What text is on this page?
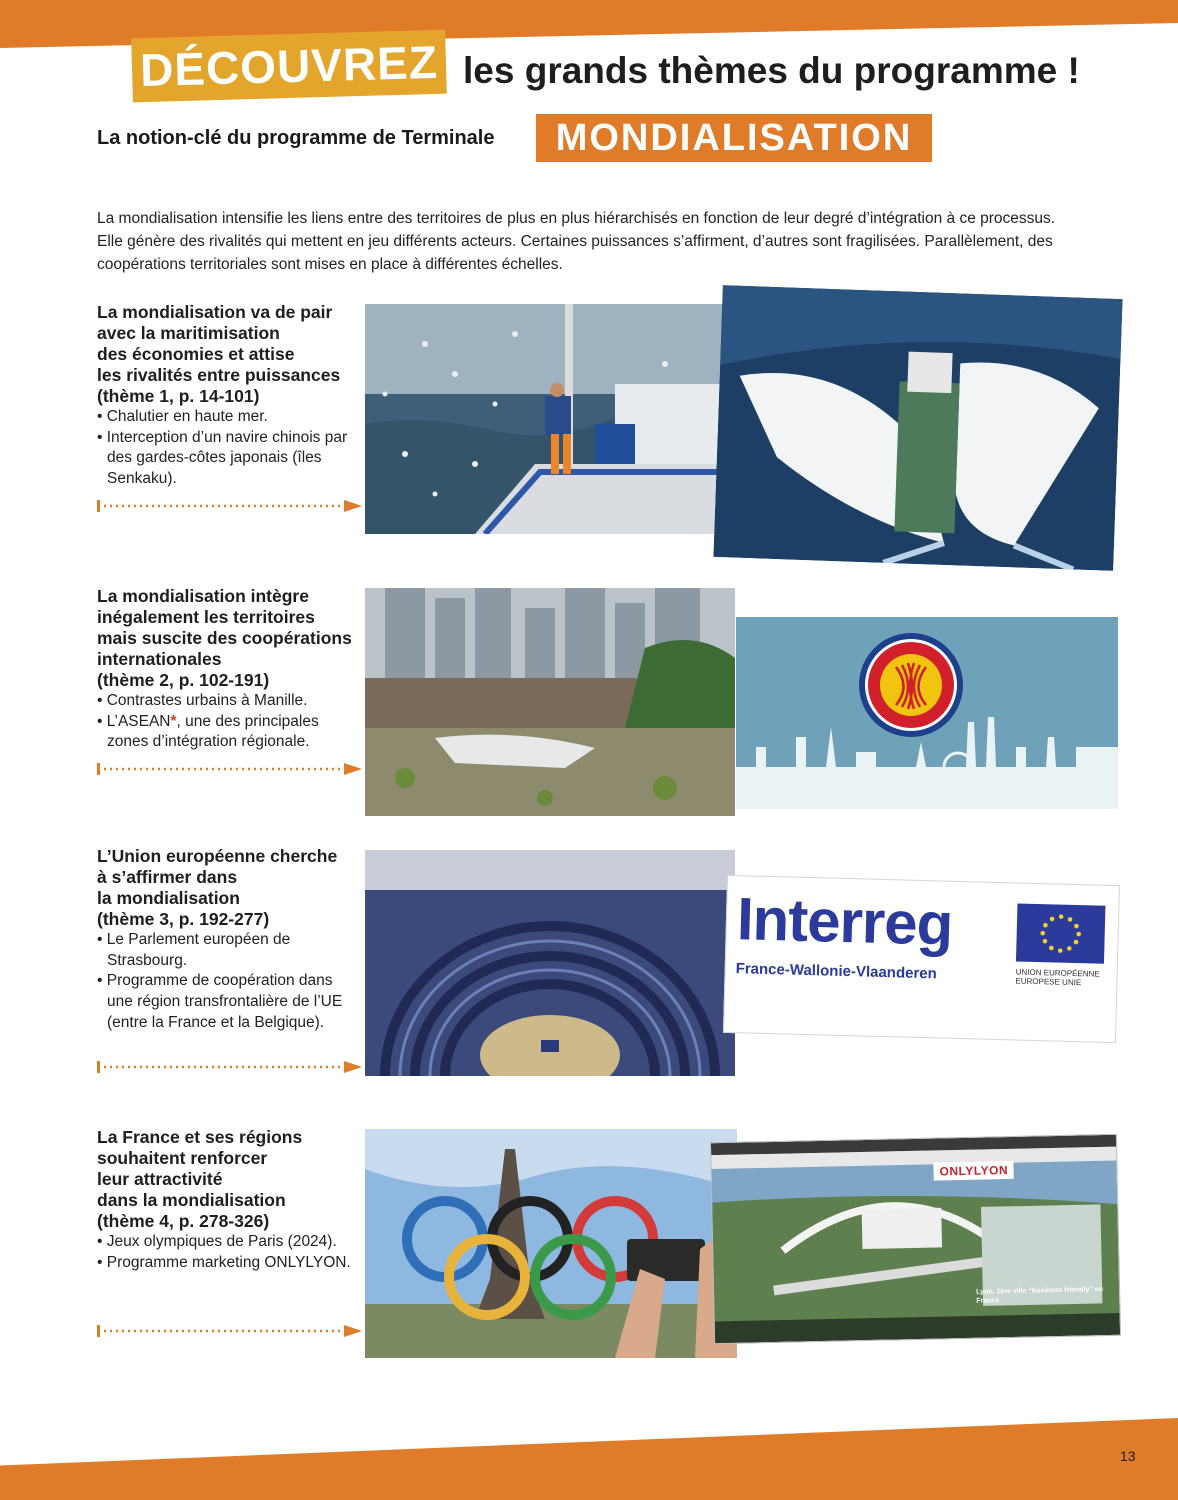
DÉCOUVREZ les grands thèmes du programme !
La notion-clé du programme de Terminale MONDIALISATION

La mondialisation intensifie les liens entre des territoires de plus en plus hiérarchisés en fonction de leur degré d’intégration à ce processus. Elle génère des rivalités qui mettent en jeu différents acteurs. Certaines puissances s’affirment, d’autres sont fragilisées. Parallèlement, des coopérations territoriales sont mises en place à différentes échelles.

La mondialisation va de pair
avec la maritimisation
des économies et attise
les rivalités entre puissances
(thème 1, p. 14-101)
• Chalutier en haute mer.
• Interception d’un navire chinois par des gardes-côtes japonais (îles Senkaku).
La mondialisation intègre
inégalement les territoires
mais suscite des coopérations
internationales
(thème 2, p. 102-191)
• Contrastes urbains à Manille.
• L’ASEAN*, une des principales zones d’intégration régionale.
L’Union européenne cherche
à s’affirmer dans
la mondialisation
(thème 3, p. 192-277)
• Le Parlement européen de Strasbourg.
• Programme de coopération dans une région transfrontalière de l’UE (entre la France et la Belgique).
Interreg
France-Wallonie-Vlaanderen	UNION EUROPÉENNE
EUROPESE UNIE
La France et ses régions
souhaitent renforcer
leur attractivité
dans la mondialisation
(thème 4, p. 278-326)
• Jeux olympiques de Paris (2024).
• Programme marketing ONLYLYON.
ONLYLYON
Lyon, 1ère ville “business friendly” en France
13
